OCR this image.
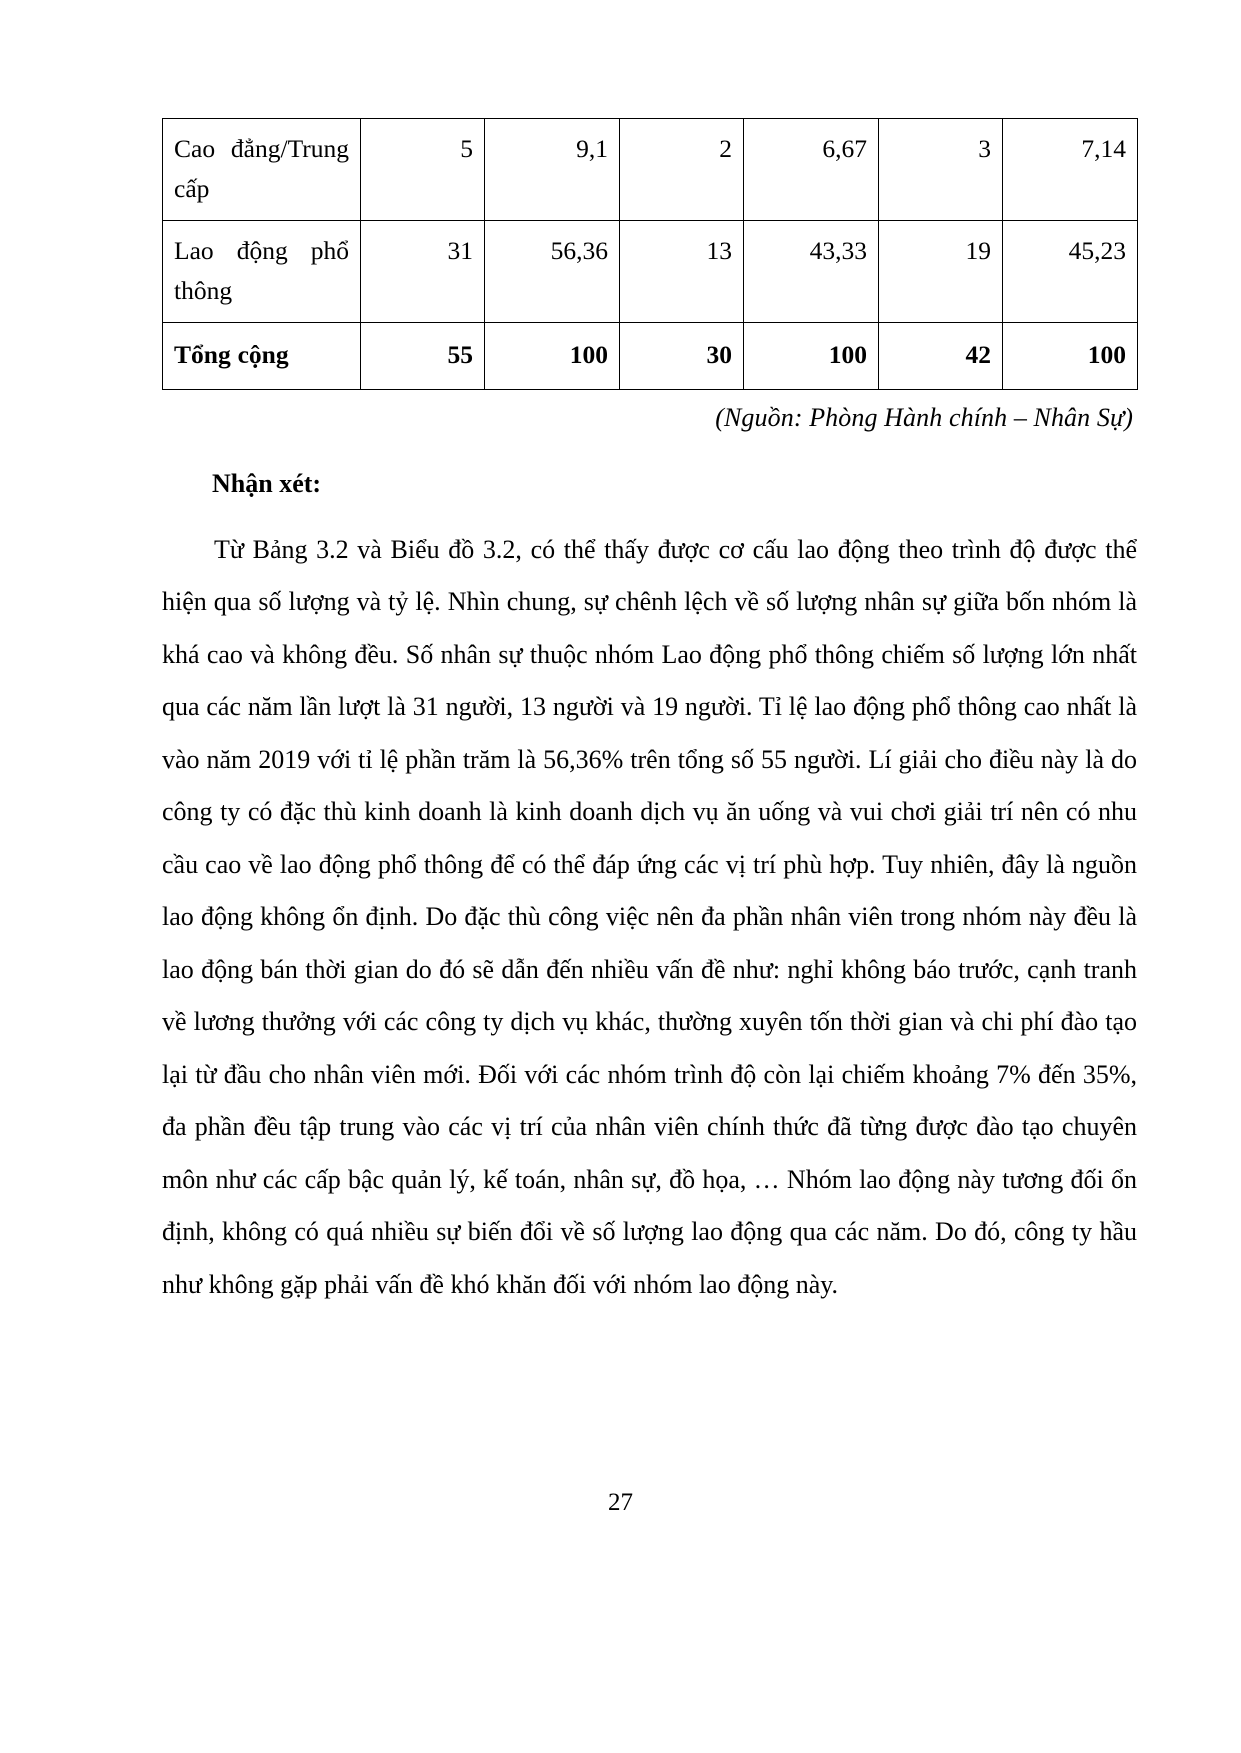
Cao đẳng/Trung cấp	5	9,1	2	6,67	3	7,14
Lao động phổ thông	31	56,36	13	43,33	19	45,23
Tổng cộng	55	100	30	100	42	100
(Nguồn: Phòng Hành chính – Nhân Sự)
Nhận xét:
Từ Bảng 3.2 và Biểu đồ 3.2, có thể thấy được cơ cấu lao động theo trình độ được thể hiện qua số lượng và tỷ lệ. Nhìn chung, sự chênh lệch về số lượng nhân sự giữa bốn nhóm là khá cao và không đều. Số nhân sự thuộc nhóm Lao động phổ thông chiếm số lượng lớn nhất qua các năm lần lượt là 31 người, 13 người và 19 người. Tỉ lệ lao động phổ thông cao nhất là vào năm 2019 với tỉ lệ phần trăm là 56,36% trên tổng số 55 người. Lí giải cho điều này là do công ty có đặc thù kinh doanh là kinh doanh dịch vụ ăn uống và vui chơi giải trí nên có nhu cầu cao về lao động phổ thông để có thể đáp ứng các vị trí phù hợp. Tuy nhiên, đây là nguồn lao động không ổn định. Do đặc thù công việc nên đa phần nhân viên trong nhóm này đều là lao động bán thời gian do đó sẽ dẫn đến nhiều vấn đề như: nghỉ không báo trước, cạnh tranh về lương thưởng với các công ty dịch vụ khác, thường xuyên tốn thời gian và chi phí đào tạo lại từ đầu cho nhân viên mới. Đối với các nhóm trình độ còn lại chiếm khoảng 7% đến 35%, đa phần đều tập trung vào các vị trí của nhân viên chính thức đã từng được đào tạo chuyên môn như các cấp bậc quản lý, kế toán, nhân sự, đồ họa, … Nhóm lao động này tương đối ổn định, không có quá nhiều sự biến đổi về số lượng lao động qua các năm. Do đó, công ty hầu như không gặp phải vấn đề khó khăn đối với nhóm lao động này.
27
